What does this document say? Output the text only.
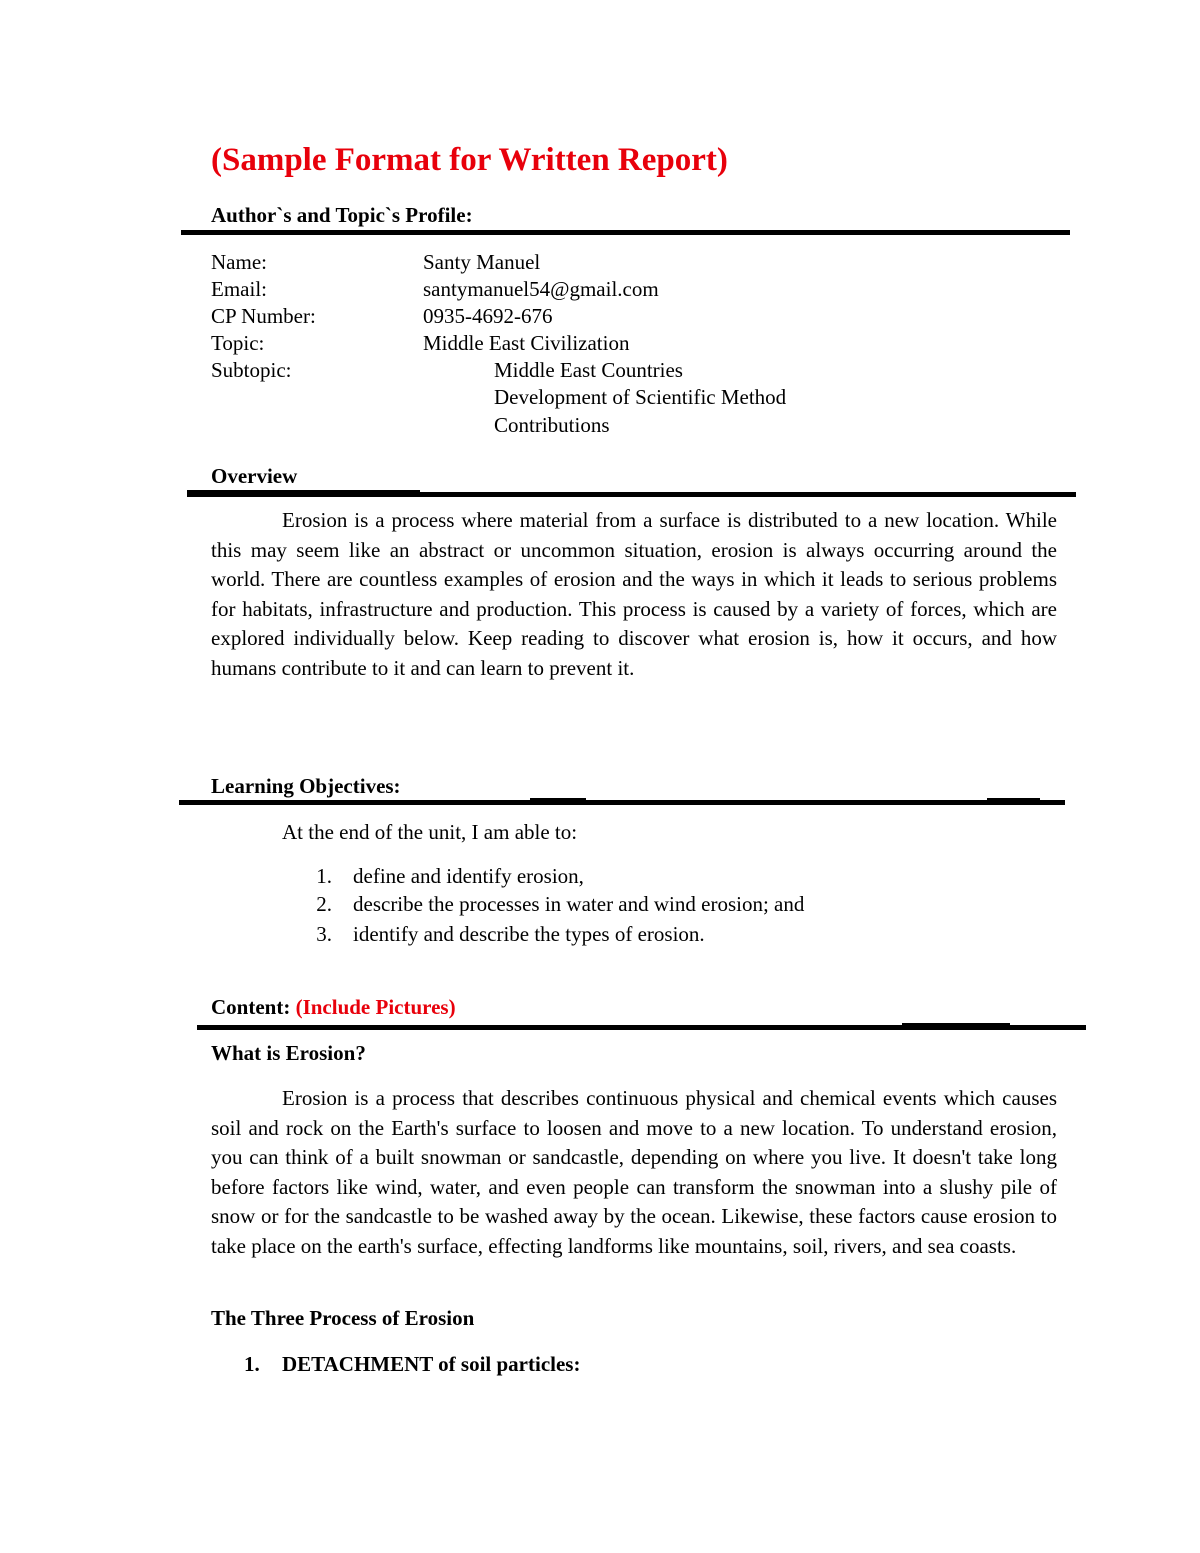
(Sample Format for Written Report)
Author`s and Topic`s Profile:
Name:	Santy Manuel
Email:	santymanuel54@gmail.com
CP Number:	0935-4692-676
Topic:	Middle East Civilization
Subtopic:	Middle East Countries
Development of Scientific Method
Contributions
Overview
Erosion is a process where material from a surface is distributed to a new location. While this may seem like an abstract or uncommon situation, erosion is always occurring around the world. There are countless examples of erosion and the ways in which it leads to serious problems for habitats, infrastructure and production. This process is caused by a variety of forces, which are explored individually below. Keep reading to discover what erosion is, how it occurs, and how humans contribute to it and can learn to prevent it.
Learning Objectives:
At the end of the unit, I am able to:
1. define and identify erosion,
2. describe the processes in water and wind erosion; and
3. identify and describe the types of erosion.
Content: (Include Pictures)
What is Erosion?
Erosion is a process that describes continuous physical and chemical events which causes soil and rock on the Earth's surface to loosen and move to a new location. To understand erosion, you can think of a built snowman or sandcastle, depending on where you live. It doesn't take long before factors like wind, water, and even people can transform the snowman into a slushy pile of snow or for the sandcastle to be washed away by the ocean. Likewise, these factors cause erosion to take place on the earth's surface, effecting landforms like mountains, soil, rivers, and sea coasts.
The Three Process of Erosion
1. DETACHMENT of soil particles:
